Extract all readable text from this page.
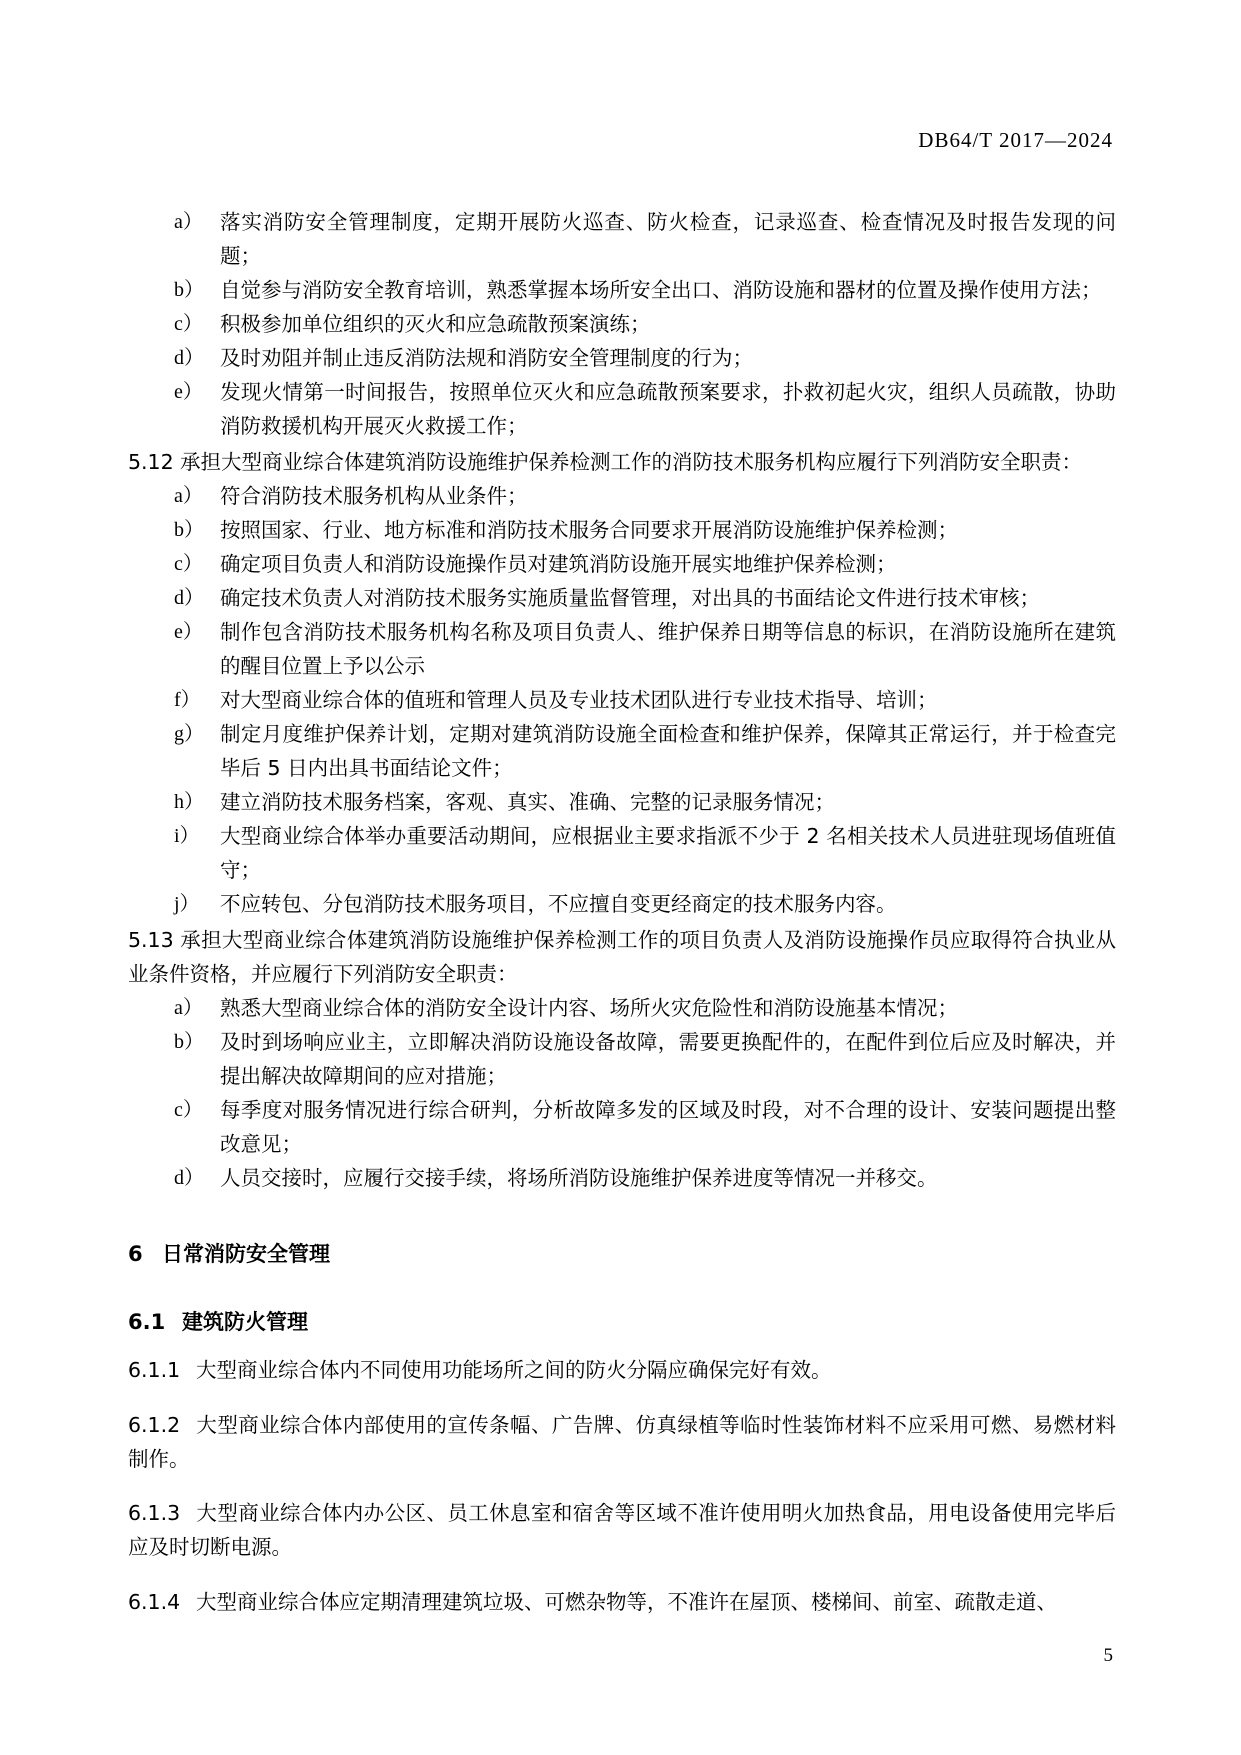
DB64/T 2017—2024
a） 落实消防安全管理制度，定期开展防火巡查、防火检查，记录巡查、检查情况及时报告发现的问题；
b） 自觉参与消防安全教育培训，熟悉掌握本场所安全出口、消防设施和器材的位置及操作使用方法；
c） 积极参加单位组织的灭火和应急疏散预案演练；
d） 及时劝阻并制止违反消防法规和消防安全管理制度的行为；
e） 发现火情第一时间报告，按照单位灭火和应急疏散预案要求，扑救初起火灾，组织人员疏散，协助消防救援机构开展灭火救援工作；

5.12 承担大型商业综合体建筑消防设施维护保养检测工作的消防技术服务机构应履行下列消防安全职责：

a） 符合消防技术服务机构从业条件；
b） 按照国家、行业、地方标准和消防技术服务合同要求开展消防设施维护保养检测；
c） 确定项目负责人和消防设施操作员对建筑消防设施开展实地维护保养检测；
d） 确定技术负责人对消防技术服务实施质量监督管理，对出具的书面结论文件进行技术审核；
e） 制作包含消防技术服务机构名称及项目负责人、维护保养日期等信息的标识，在消防设施所在建筑的醒目位置上予以公示
f） 对大型商业综合体的值班和管理人员及专业技术团队进行专业技术指导、培训；
g） 制定月度维护保养计划，定期对建筑消防设施全面检查和维护保养，保障其正常运行，并于检查完毕后 5 日内出具书面结论文件；
h） 建立消防技术服务档案，客观、真实、准确、完整的记录服务情况；
i） 大型商业综合体举办重要活动期间，应根据业主要求指派不少于 2 名相关技术人员进驻现场值班值守；
j） 不应转包、分包消防技术服务项目，不应擅自变更经商定的技术服务内容。

5.13 承担大型商业综合体建筑消防设施维护保养检测工作的项目负责人及消防设施操作员应取得符合执业从业条件资格，并应履行下列消防安全职责：

a） 熟悉大型商业综合体的消防安全设计内容、场所火灾危险性和消防设施基本情况；
b） 及时到场响应业主，立即解决消防设施设备故障，需要更换配件的，在配件到位后应及时解决，并提出解决故障期间的应对措施；
c） 每季度对服务情况进行综合研判，分析故障多发的区域及时段，对不合理的设计、安装问题提出整改意见；
d） 人员交接时，应履行交接手续，将场所消防设施维护保养进度等情况一并移交。

6 日常消防安全管理

6.1 建筑防火管理

6.1.1 大型商业综合体内不同使用功能场所之间的防火分隔应确保完好有效。

6.1.2 大型商业综合体内部使用的宣传条幅、广告牌、仿真绿植等临时性装饰材料不应采用可燃、易燃材料制作。

6.1.3 大型商业综合体内办公区、员工休息室和宿舍等区域不准许使用明火加热食品，用电设备使用完毕后应及时切断电源。

6.1.4 大型商业综合体应定期清理建筑垃圾、可燃杂物等，不准许在屋顶、楼梯间、前室、疏散走道、

5
